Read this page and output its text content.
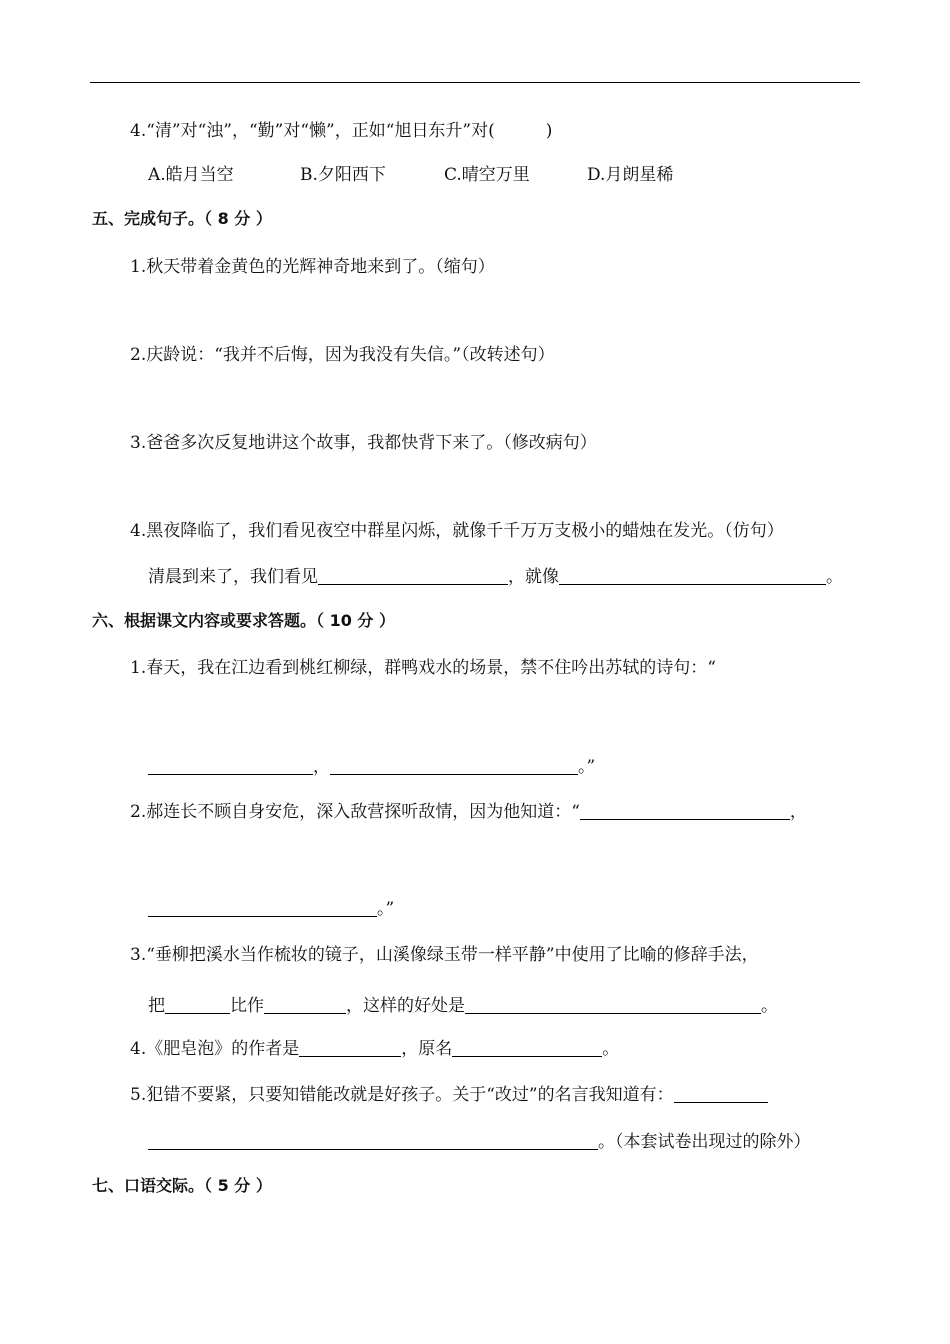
4.“清”对“浊”，“勤”对“懒”，正如“旭日东升”对(　　　)
A.皓月当空	B.夕阳西下	C.晴空万里	D.月朗星稀
五、完成句子。（ 8 分 ）
1.秋天带着金黄色的光辉神奇地来到了。（缩句）
2.庆龄说：“我并不后悔，因为我没有失信。”（改转述句）
3.爸爸多次反复地讲这个故事，我都快背下来了。（修改病句）
4.黑夜降临了，我们看见夜空中群星闪烁，就像千千万万支极小的蜡烛在发光。（仿句）
清晨到来了，我们看见	，就像	。
六、根据课文内容或要求答题。（ 10 分 ）
1.春天，我在江边看到桃红柳绿，群鸭戏水的场景，禁不住吟出苏轼的诗句：“
，	。”
2.郝连长不顾自身安危，深入敌营探听敌情，因为他知道：“	，
。”
3.“垂柳把溪水当作梳妆的镜子，山溪像绿玉带一样平静”中使用了比喻的修辞手法，
把	比作	，这样的好处是	。
4.《肥皂泡》的作者是	，原名	。
5.犯错不要紧，只要知错能改就是好孩子。关于“改过”的名言我知道有：
。（本套试卷出现过的除外）
七、口语交际。（ 5 分 ）
